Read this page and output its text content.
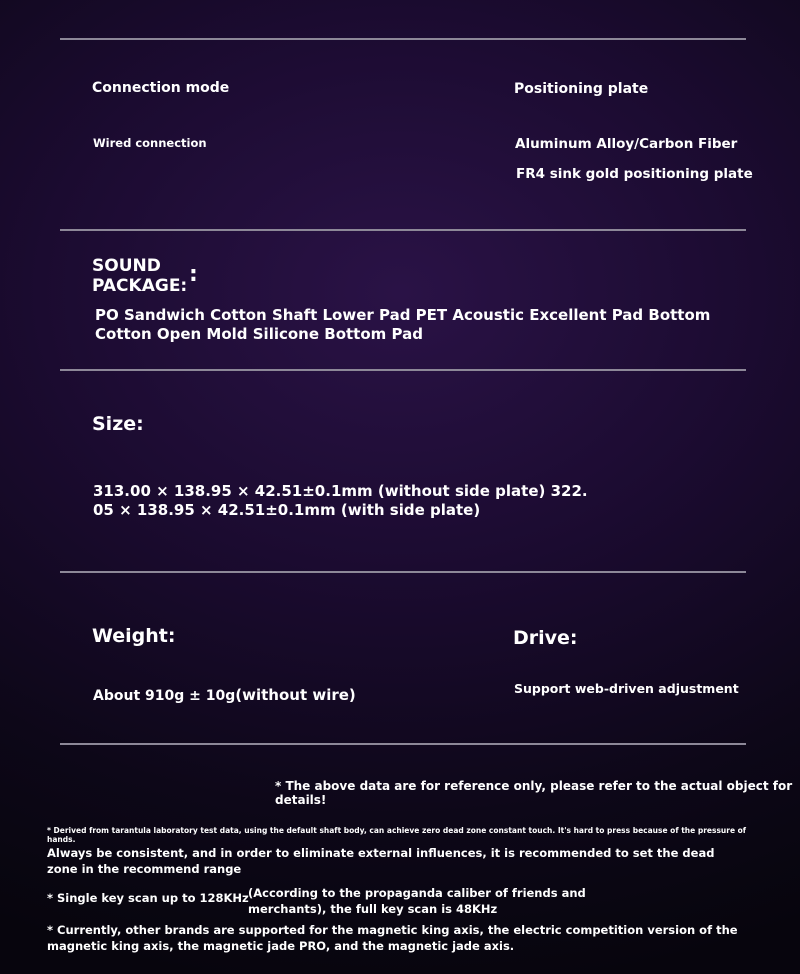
Connection mode
Wired connection
Positioning plate
Aluminum Alloy/Carbon Fiber
FR4 sink gold positioning plate
SOUND
PACKAGE: :
PO Sandwich Cotton Shaft Lower Pad PET Acoustic Excellent Pad Bottom
Cotton Open Mold Silicone Bottom Pad
Size:
313.00 × 138.95 × 42.51±0.1mm (without side plate) 322.
05 × 138.95 × 42.51±0.1mm (with side plate)
Weight:
About 910g ± 10g(without wire)
Drive:
Support web-driven adjustment
* The above data are for reference only, please refer to the actual object for details!
* Derived from tarantula laboratory test data, using the default shaft body, can achieve zero dead zone constant touch. It's hard to press because of the pressure of hands.
Always be consistent, and in order to eliminate external influences, it is recommended to set the dead
zone in the recommend range
* Single key scan up to 128KHz (According to the propaganda caliber of friends and
merchants), the full key scan is 48KHz
* Currently, other brands are supported for the magnetic king axis, the electric competition version of the
magnetic king axis, the magnetic jade PRO, and the magnetic jade axis.
